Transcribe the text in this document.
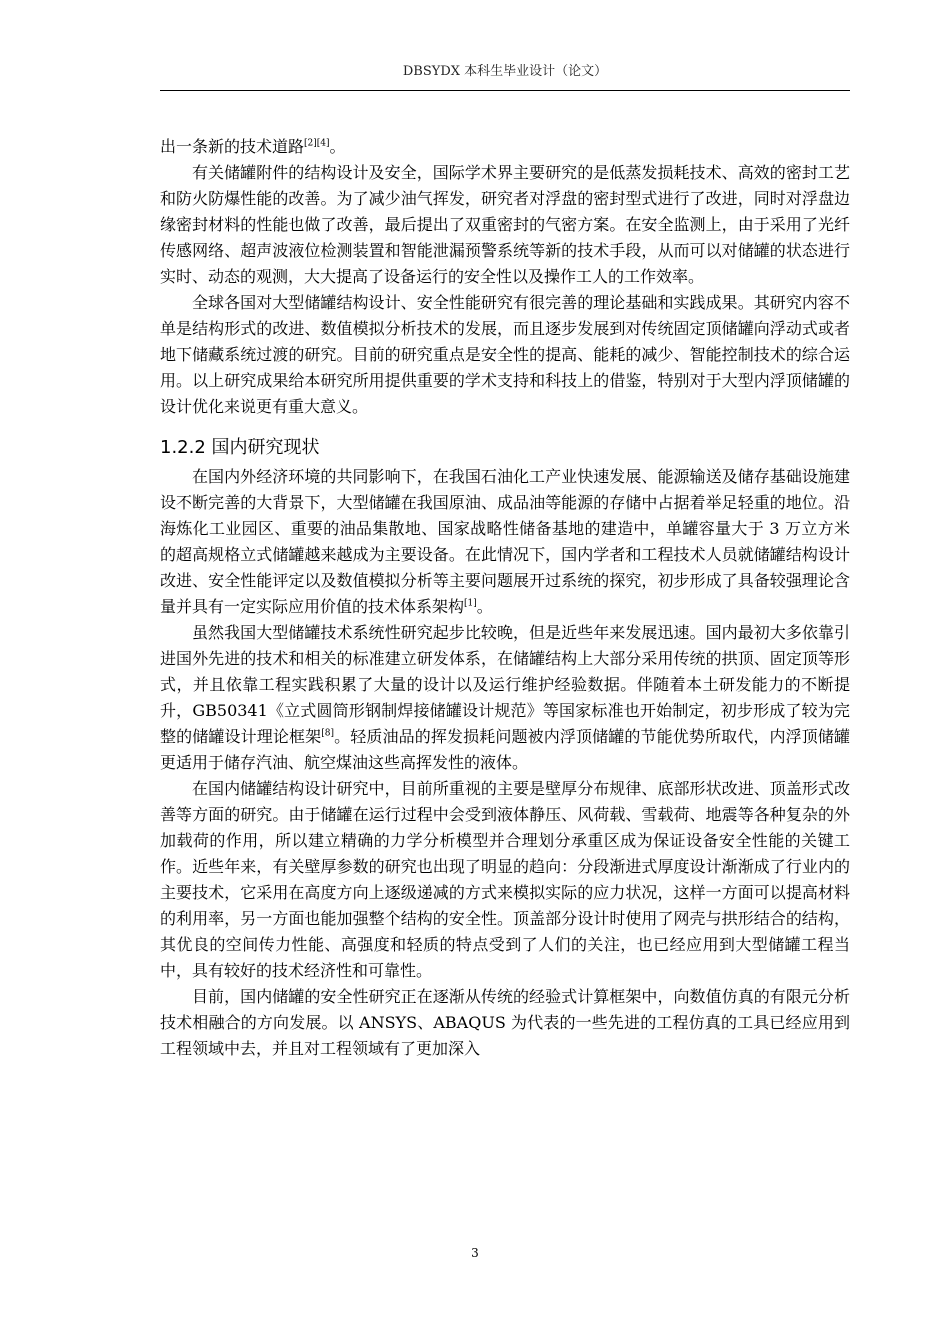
DBSYDX 本科生毕业设计（论文）

出一条新的技术道路[2][4]。

有关储罐附件的结构设计及安全，国际学术界主要研究的是低蒸发损耗技术、高效的密封工艺和防火防爆性能的改善。为了减少油气挥发，研究者对浮盘的密封型式进行了改进，同时对浮盘边缘密封材料的性能也做了改善，最后提出了双重密封的气密方案。在安全监测上，由于采用了光纤传感网络、超声波液位检测装置和智能泄漏预警系统等新的技术手段，从而可以对储罐的状态进行实时、动态的观测，大大提高了设备运行的安全性以及操作工人的工作效率。

全球各国对大型储罐结构设计、安全性能研究有很完善的理论基础和实践成果。其研究内容不单是结构形式的改进、数值模拟分析技术的发展，而且逐步发展到对传统固定顶储罐向浮动式或者地下储藏系统过渡的研究。目前的研究重点是安全性的提高、能耗的减少、智能控制技术的综合运用。以上研究成果给本研究所用提供重要的学术支持和科技上的借鉴，特别对于大型内浮顶储罐的设计优化来说更有重大意义。

1.2.2 国内研究现状

在国内外经济环境的共同影响下，在我国石油化工产业快速发展、能源输送及储存基础设施建设不断完善的大背景下，大型储罐在我国原油、成品油等能源的存储中占据着举足轻重的地位。沿海炼化工业园区、重要的油品集散地、国家战略性储备基地的建造中，单罐容量大于 3 万立方米的超高规格立式储罐越来越成为主要设备。在此情况下，国内学者和工程技术人员就储罐结构设计改进、安全性能评定以及数值模拟分析等主要问题展开过系统的探究，初步形成了具备较强理论含量并具有一定实际应用价值的技术体系架构[1]。

虽然我国大型储罐技术系统性研究起步比较晚，但是近些年来发展迅速。国内最初大多依靠引进国外先进的技术和相关的标准建立研发体系，在储罐结构上大部分采用传统的拱顶、固定顶等形式，并且依靠工程实践积累了大量的设计以及运行维护经验数据。伴随着本土研发能力的不断提升，GB50341《立式圆筒形钢制焊接储罐设计规范》等国家标准也开始制定，初步形成了较为完整的储罐设计理论框架[8]。轻质油品的挥发损耗问题被内浮顶储罐的节能优势所取代，内浮顶储罐更适用于储存汽油、航空煤油这些高挥发性的液体。

在国内储罐结构设计研究中，目前所重视的主要是壁厚分布规律、底部形状改进、顶盖形式改善等方面的研究。由于储罐在运行过程中会受到液体静压、风荷载、雪载荷、地震等各种复杂的外加载荷的作用，所以建立精确的力学分析模型并合理划分承重区成为保证设备安全性能的关键工作。近些年来，有关壁厚参数的研究也出现了明显的趋向：分段渐进式厚度设计渐渐成了行业内的主要技术，它采用在高度方向上逐级递减的方式来模拟实际的应力状况，这样一方面可以提高材料的利用率，另一方面也能加强整个结构的安全性。顶盖部分设计时使用了网壳与拱形结合的结构，其优良的空间传力性能、高强度和轻质的特点受到了人们的关注，也已经应用到大型储罐工程当中，具有较好的技术经济性和可靠性。

目前，国内储罐的安全性研究正在逐渐从传统的经验式计算框架中，向数值仿真的有限元分析技术相融合的方向发展。以 ANSYS、ABAQUS 为代表的一些先进的工程仿真的工具已经应用到工程领域中去，并且对工程领域有了更加深入

3
